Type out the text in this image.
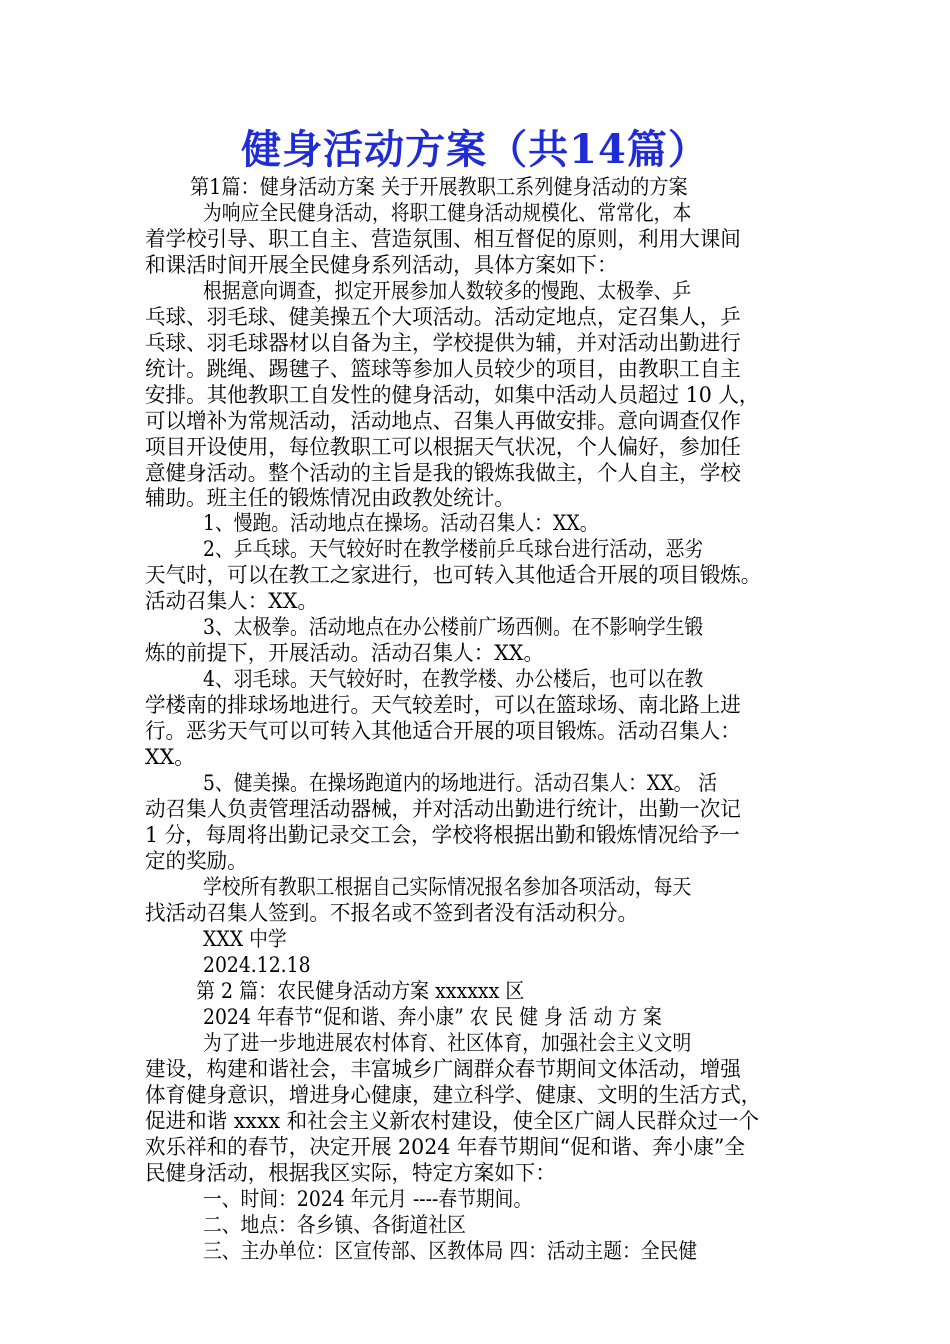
健身活动方案（共14篇）
第1篇：健身活动方案 关于开展教职工系列健身活动的方案
为响应全民健身活动，将职工健身活动规模化、常常化，本
着学校引导、职工自主、营造氛围、相互督促的原则，利用大课间
和课活时间开展全民健身系列活动，具体方案如下：
根据意向调查，拟定开展参加人数较多的慢跑、太极拳、乒
乓球、羽毛球、健美操五个大项活动。活动定地点，定召集人，乒
乓球、羽毛球器材以自备为主，学校提供为辅，并对活动出勤进行
统计。跳绳、踢毽子、篮球等参加人员较少的项目，由教职工自主
安排。其他教职工自发性的健身活动，如集中活动人员超过 10 人，
可以增补为常规活动，活动地点、召集人再做安排。意向调查仅作
项目开设使用，每位教职工可以根据天气状况，个人偏好，参加任
意健身活动。整个活动的主旨是我的锻炼我做主，个人自主，学校
辅助。班主任的锻炼情况由政教处统计。
1、慢跑。活动地点在操场。活动召集人：XX。
2、乒乓球。天气较好时在教学楼前乒乓球台进行活动，恶劣
天气时，可以在教工之家进行，也可转入其他适合开展的项目锻炼。
活动召集人：XX。
3、太极拳。活动地点在办公楼前广场西侧。在不影响学生锻
炼的前提下，开展活动。活动召集人：XX。
4、羽毛球。天气较好时，在教学楼、办公楼后，也可以在教
学楼南的排球场地进行。天气较差时，可以在篮球场、南北路上进
行。恶劣天气可以可转入其他适合开展的项目锻炼。活动召集人：
XX。
5、健美操。在操场跑道内的场地进行。活动召集人：XX。 活
动召集人负责管理活动器械，并对活动出勤进行统计，出勤一次记
1 分，每周将出勤记录交工会，学校将根据出勤和锻炼情况给予一
定的奖励。
学校所有教职工根据自己实际情况报名参加各项活动，每天
找活动召集人签到。不报名或不签到者没有活动积分。
XXX 中学
2024.12.18
第 2 篇：农民健身活动方案 xxxxxx 区
2024 年春节“促和谐、奔小康” 农 民 健 身 活 动 方 案
为了进一步地进展农村体育、社区体育，加强社会主义文明
建设，构建和谐社会，丰富城乡广阔群众春节期间文体活动，增强
体育健身意识，增进身心健康，建立科学、健康、文明的生活方式，
促进和谐 xxxx 和社会主义新农村建设，使全区广阔人民群众过一个
欢乐祥和的春节，决定开展 2024 年春节期间“促和谐、奔小康”全
民健身活动，根据我区实际，特定方案如下：
一、时间：2024 年元月 ----春节期间。
二、地点：各乡镇、各街道社区
三、主办单位：区宣传部、区教体局 四：活动主题：全民健
